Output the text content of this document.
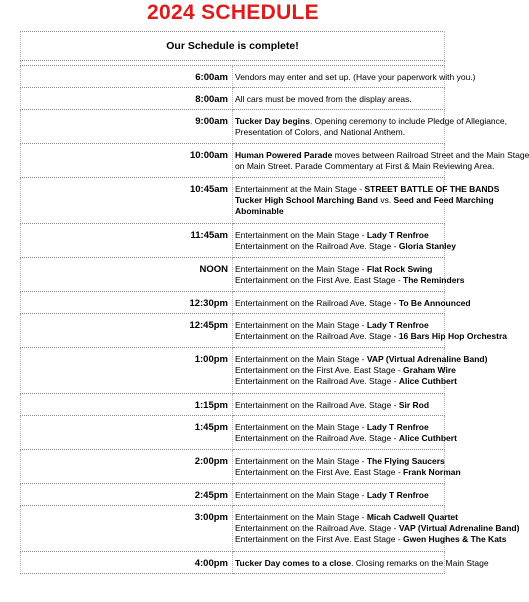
2024 SCHEDULE
Our Schedule is complete!	

6:00am	Vendors may enter and set up. (Have your paperwork with you.)

8:00am	All cars must be moved from the display areas.

9:00am	Tucker Day begins. Opening ceremony to include Pledge of Allegiance,
Presentation of Colors, and National Anthem.

10:00am	Human Powered Parade moves between Railroad Street and the Main Stage
on Main Street. Parade Commentary at First & Main Reviewing Area.

10:45am	Entertainment at the Main Stage - STREET BATTLE OF THE BANDS
Tucker High School Marching Band vs. Seed and Feed Marching
Abominable

11:45am	Entertainment on the Main Stage - Lady T Renfroe
Entertainment on the Railroad Ave. Stage - Gloria Stanley

NOON	Entertainment on the Main Stage - Flat Rock Swing
Entertainment on the First Ave. East Stage - The Reminders

12:30pm	Entertainment on the Railroad Ave. Stage - To Be Announced

12:45pm	Entertainment on the Main Stage - Lady T Renfroe
Entertainment on the Railroad Ave. Stage - 16 Bars Hip Hop Orchestra

1:00pm	Entertainment on the Main Stage - VAP (Virtual Adrenaline Band)
Entertainment on the First Ave. East Stage - Graham Wire
Entertainment on the Railroad Ave. Stage - Alice Cuthbert

1:15pm	Entertainment on the Railroad Ave. Stage - Sir Rod

1:45pm	Entertainment on the Main Stage - Lady T Renfroe
Entertainment on the Railroad Ave. Stage - Alice Cuthbert

2:00pm	Entertainment on the Main Stage - The Flying Saucers
Entertainment on the First Ave. East Stage - Frank Norman

2:45pm	Entertainment on the Main Stage - Lady T Renfroe

3:00pm	Entertainment on the Main Stage - Micah Cadwell Quartet
Entertainment on the Railroad Ave. Stage - VAP (Virtual Adrenaline Band)
Entertainment on the First Ave. East Stage - Gwen Hughes & The Kats

4:00pm	Tucker Day comes to a close. Closing remarks on the Main Stage
